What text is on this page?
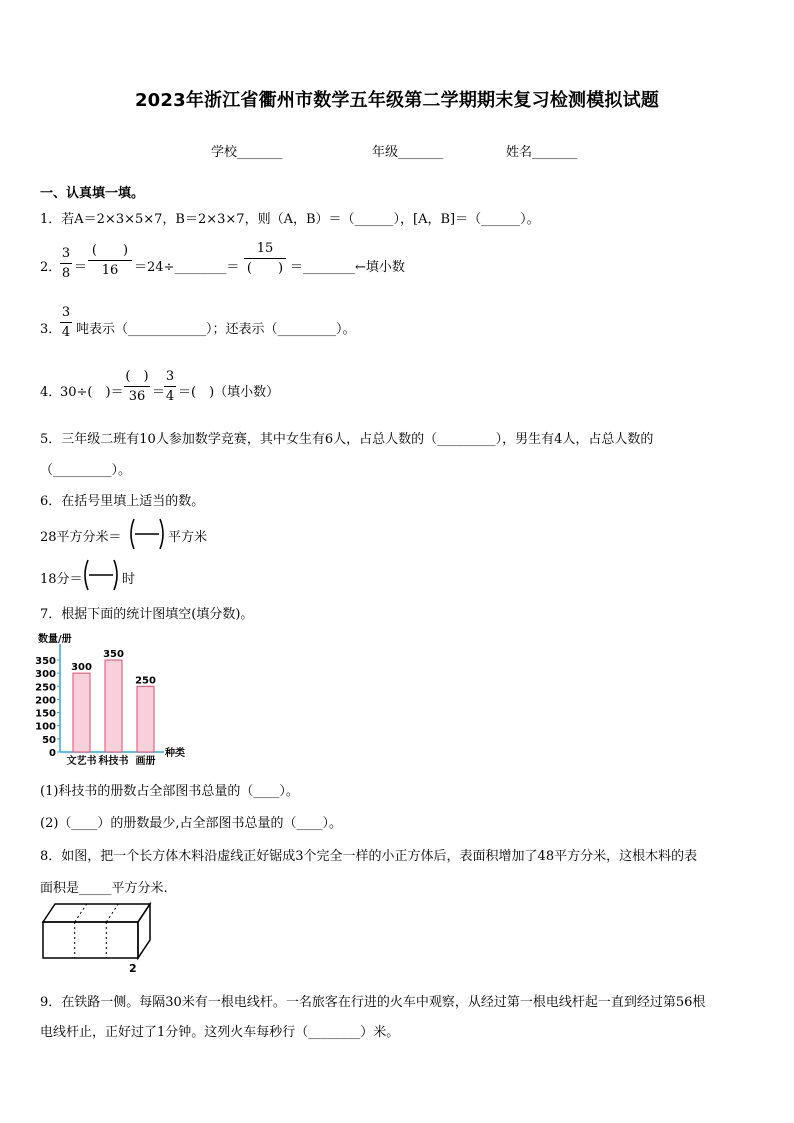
2023年浙江省衢州市数学五年级第二学期期末复习检测模拟试题
学校_______	年级_______	姓名_______
一、认真填一填。
1．若A＝2×3×5×7，B＝2×3×7，则（A，B）＝（______），[A，B]＝（______）。
2．
3
8 ＝
(　　)
16	＝24÷________＝
15
(　　) ＝________←填小数
3．
3
4 吨表示（____________）；还表示（_________）。
4．
30÷(　)＝
(　)
36 ＝
3
4 ＝(　)（填小数）
5．三年级二班有10人参加数学竞赛，其中女生有6人，占总人数的（_________），男生有4人，占总人数的
（_________）。
6．在括号里填上适当的数。
28平方分米＝	平方米
18分＝	时
7．根据下面的统计图填空(填分数)。
数量/册
350
300
250
200
150
100
50
0
300
文艺书
350
科技书
250
画册
种类
(1)科技书的册数占全部图书总量的（____）。
(2)（____）的册数最少,占全部图书总量的（____）。
8．如图，把一个长方体木料沿虚线正好锯成3个完全一样的小正方体后，表面积增加了48平方分米，这根木料的表
面积是_____平方分米.
2
9．在铁路一侧。每隔30米有一根电线杆。一名旅客在行进的火车中观察，从经过第一根电线杆起一直到经过第56根
电线杆止，正好过了1分钟。这列火车每秒行（________）米。
